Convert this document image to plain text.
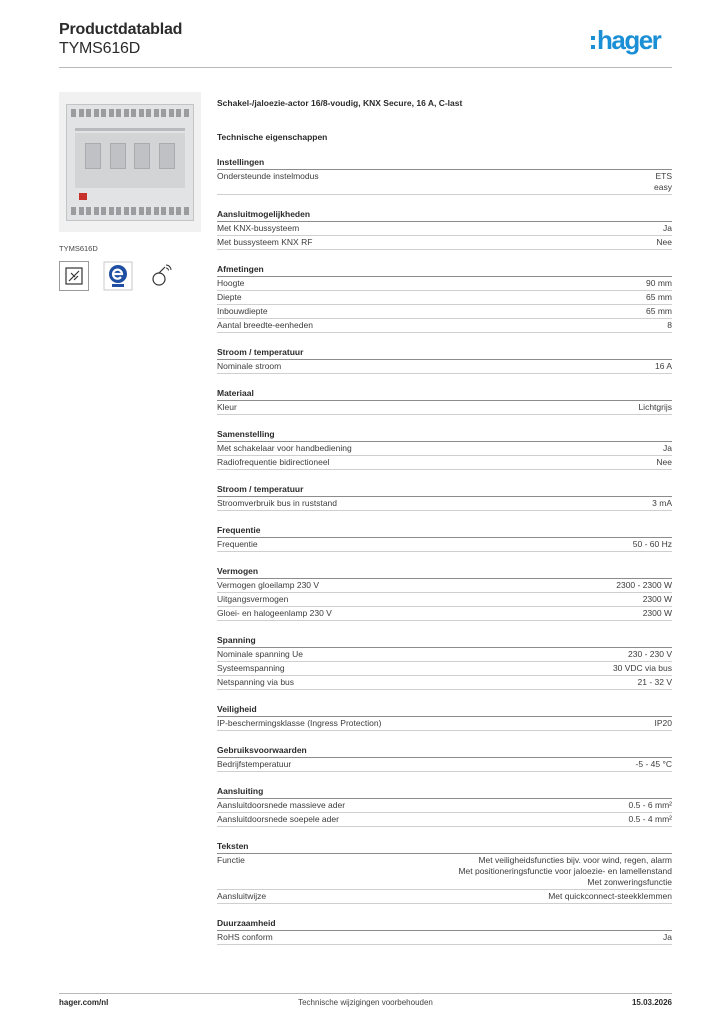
Productdatablad
TYMS616D	hager
TYMS616D
Schakel-/jaloezie-actor 16/8-voudig, KNX Secure, 16 A, C-last
Technische eigenschappen
Instellingen
Ondersteunde instelmodus	ETS
easy
Aansluitmogelijkheden
Met KNX-bussysteem	Ja
Met bussysteem KNX RF	Nee
Afmetingen
Hoogte	90 mm
Diepte	65 mm
Inbouwdiepte	65 mm
Aantal breedte-eenheden	8
Stroom / temperatuur
Nominale stroom	16 A
Materiaal
Kleur	Lichtgrijs
Samenstelling
Met schakelaar voor handbediening	Ja
Radiofrequentie bidirectioneel	Nee
Stroom / temperatuur
Stroomverbruik bus in ruststand	3 mA
Frequentie
Frequentie	50 - 60 Hz
Vermogen
Vermogen gloeilamp 230 V	2300 - 2300 W
Uitgangsvermogen	2300 W
Gloei- en halogeenlamp 230 V	2300 W
Spanning
Nominale spanning Ue	230 - 230 V
Systeemspanning	30 VDC via bus
Netspanning via bus	21 - 32 V
Veiligheid
IP-beschermingsklasse (Ingress Protection)	IP20
Gebruiksvoorwaarden
Bedrijfstemperatuur	-5 - 45 °C
Aansluiting
Aansluitdoorsnede massieve ader	0.5 - 6 mm²
Aansluitdoorsnede soepele ader	0.5 - 4 mm²
Teksten
Functie	Met veiligheidsfuncties bijv. voor wind, regen, alarm
Met positioneringsfunctie voor jaloezie- en lamellenstand
Met zonweringsfunctie
Aansluitwijze	Met quickconnect-steekklemmen
Duurzaamheid
RoHS conform	Ja
hager.com/nl	Technische wijzigingen voorbehouden	15.03.2026
